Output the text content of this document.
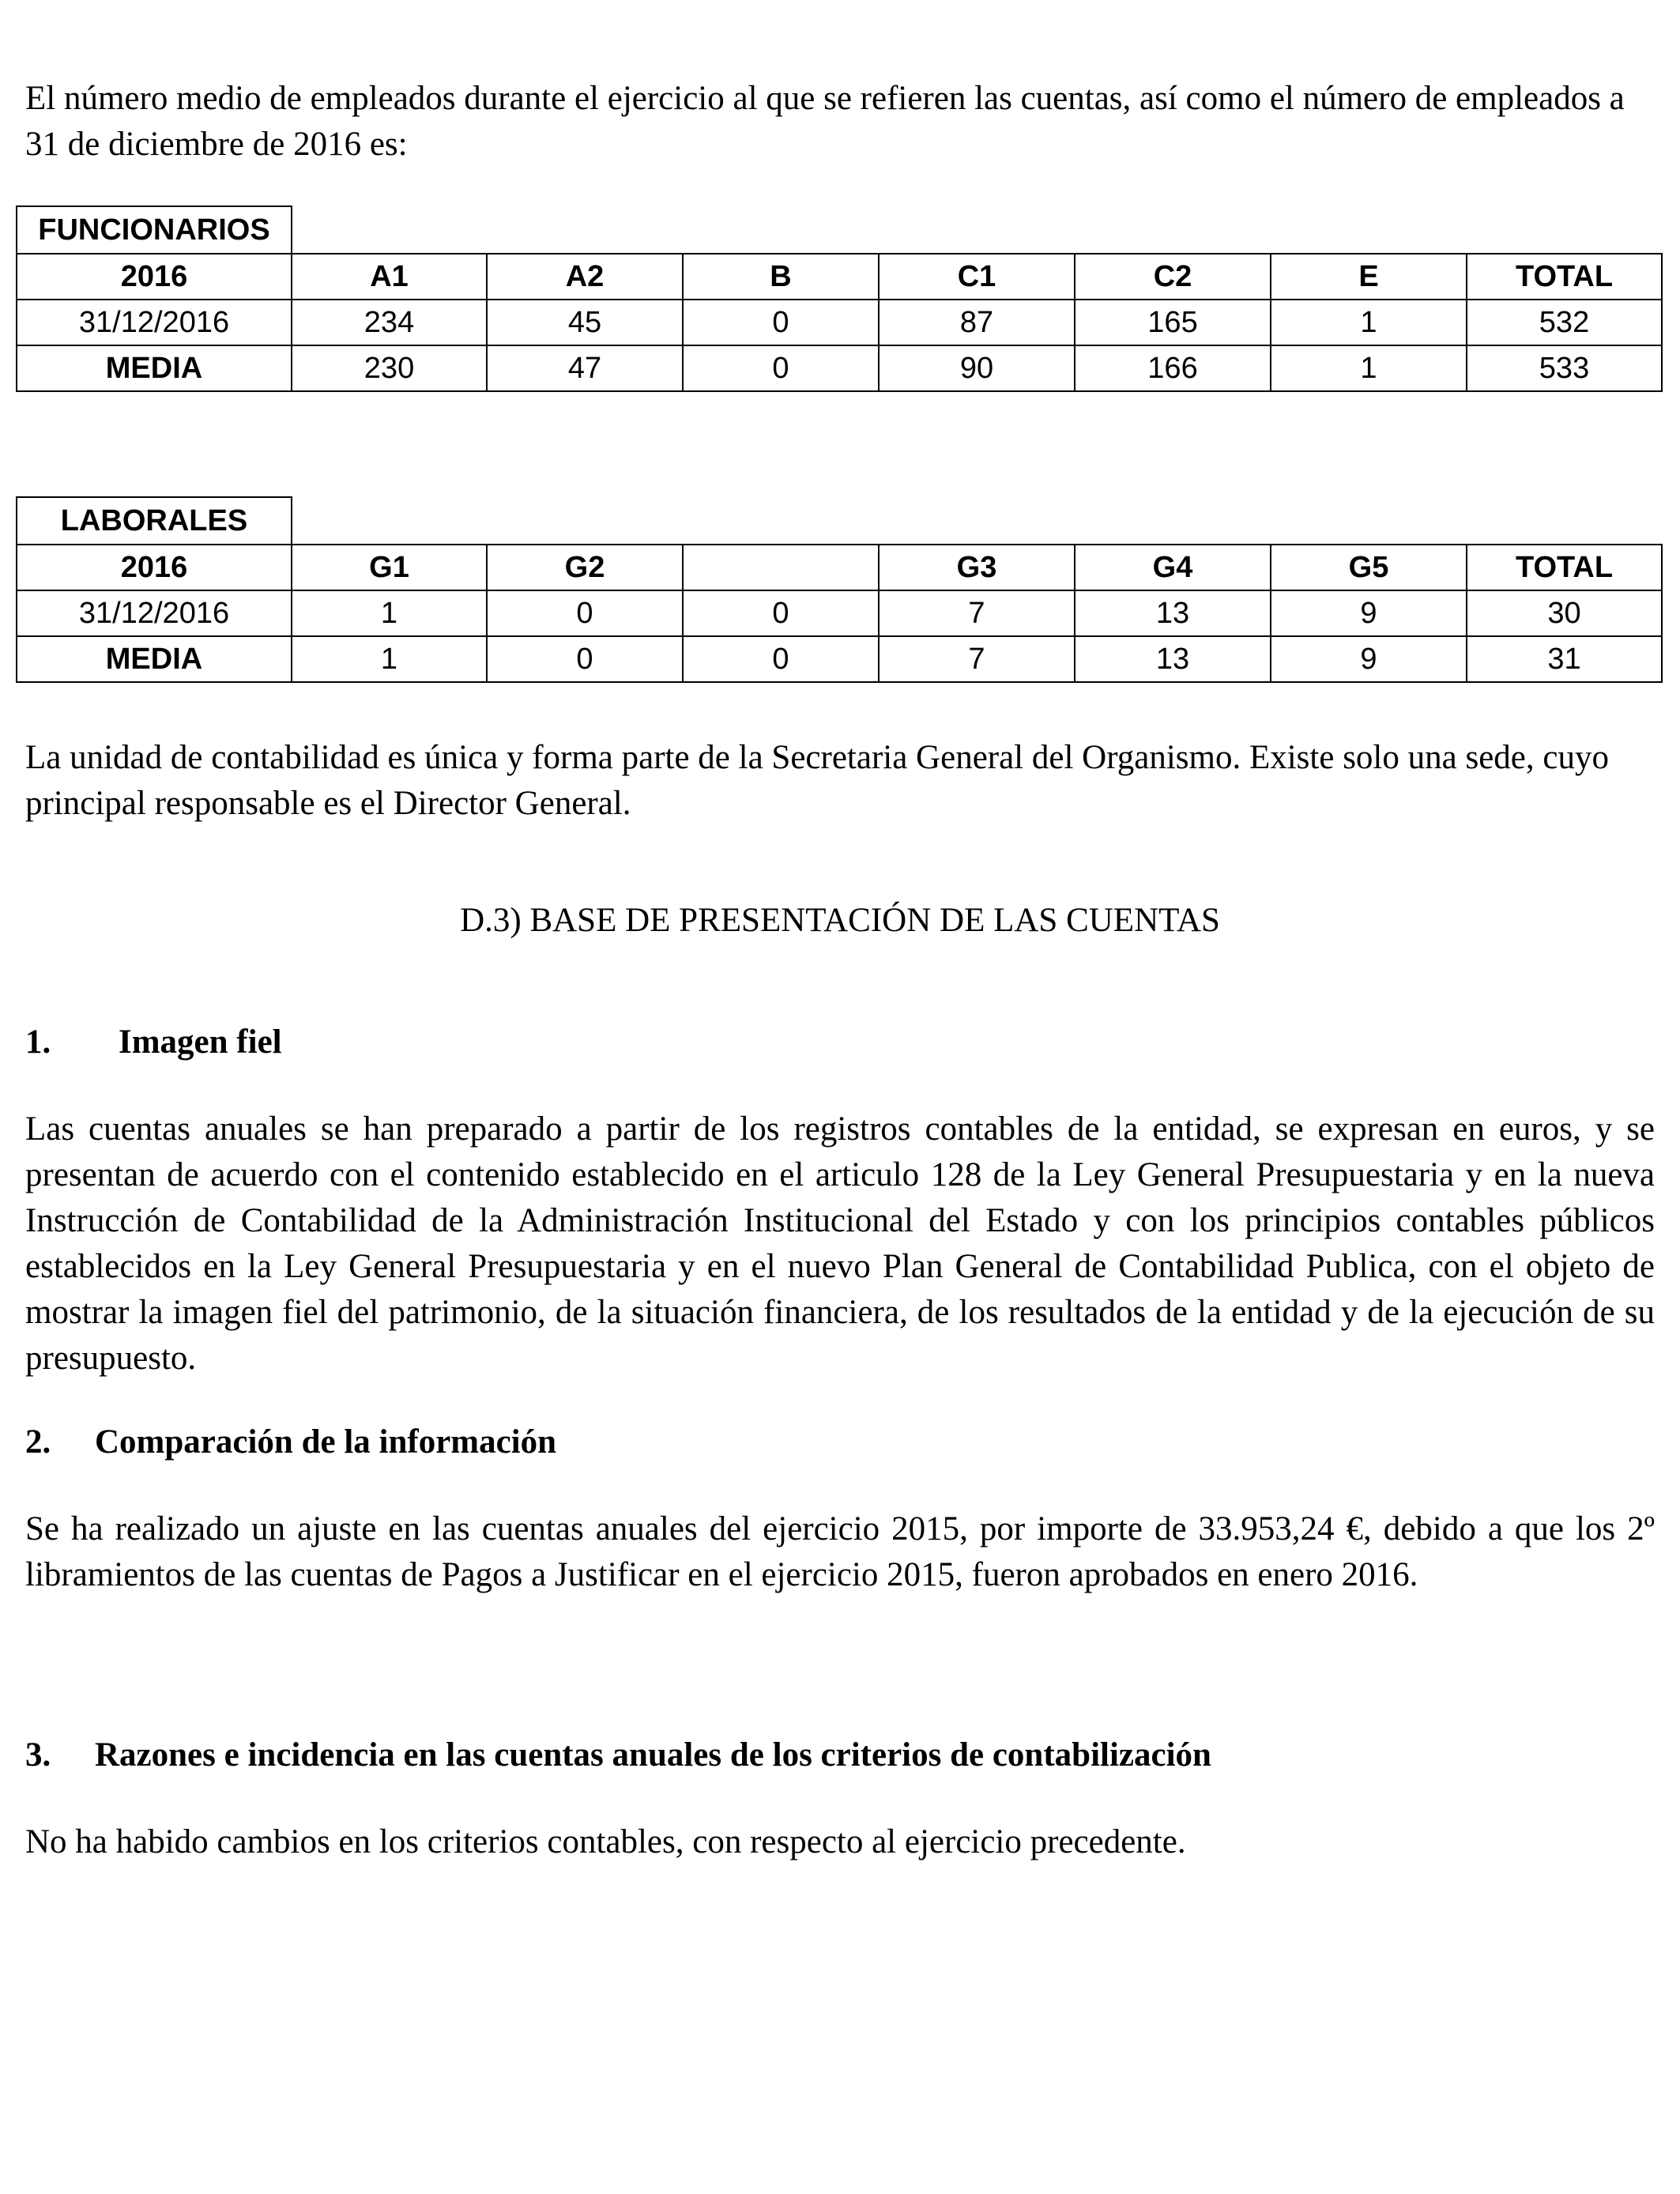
El número medio de empleados durante el ejercicio al que se refieren las cuentas, así como el número de empleados a 31 de diciembre de 2016 es:

FUNCIONARIOS							
2016	A1	A2	B	C1	C2	E	TOTAL
31/12/2016	234	45	0	87	165	1	532
MEDIA	230	47	0	90	166	1	533
LABORALES							
2016	G1	G2		G3	G4	G5	TOTAL
31/12/2016	1	0	0	7	13	9	30
MEDIA	1	0	0	7	13	9	31

La unidad de contabilidad es única y forma parte de la Secretaria General del Organismo. Existe solo una sede, cuyo principal responsable es el Director General.

D.3) BASE DE PRESENTACIÓN DE LAS CUENTAS

1. Imagen fiel

Las cuentas anuales se han preparado a partir de los registros contables de la entidad, se expresan en euros, y se presentan de acuerdo con el contenido establecido en el articulo 128 de la Ley General Presupuestaria y en la nueva Instrucción de Contabilidad de la Administración Institucional del Estado y con los principios contables públicos establecidos en la Ley General Presupuestaria y en el nuevo Plan General de Contabilidad Publica, con el objeto de mostrar la imagen fiel del patrimonio, de la situación financiera, de los resultados de la entidad y de la ejecución de su presupuesto.

2. Comparación de la información

Se ha realizado un ajuste en las cuentas anuales del ejercicio 2015, por importe de 33.953,24 €, debido a que los 2º libramientos de las cuentas de Pagos a Justificar en el ejercicio 2015, fueron aprobados en enero 2016.

3. Razones e incidencia en las cuentas anuales de los criterios de contabilización

No ha habido cambios en los criterios contables, con respecto al ejercicio precedente.
